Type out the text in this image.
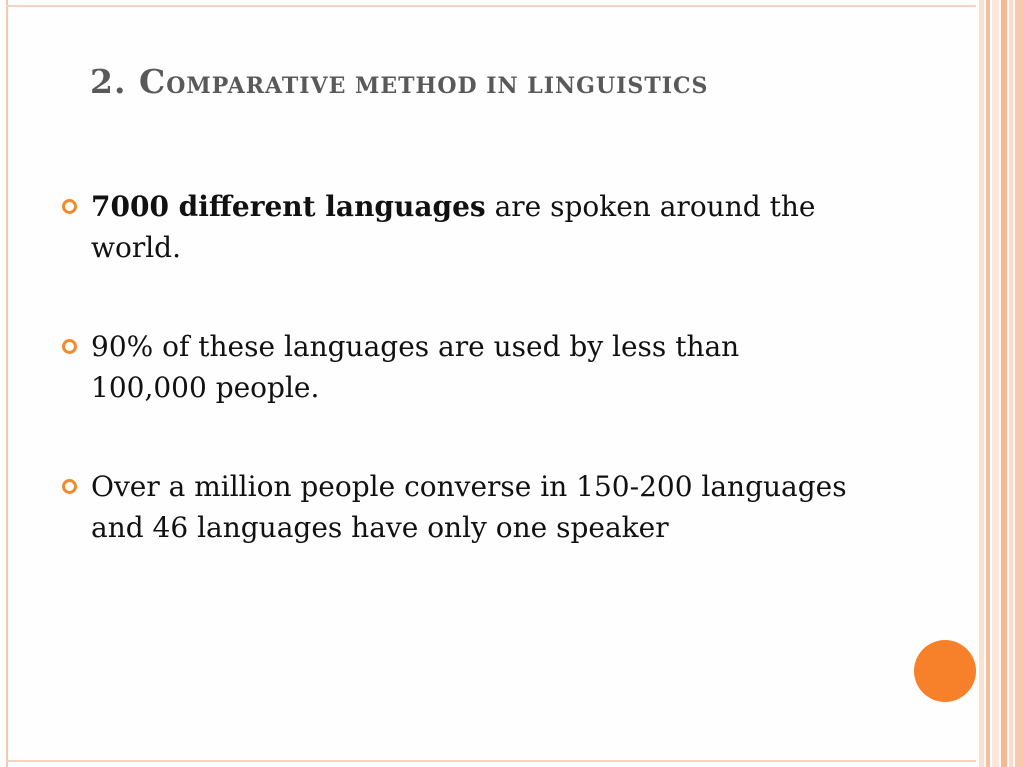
2. COMPARATIVE METHOD IN LINGUISTICS
7000 different languages are spoken around the world.
90% of these languages are used by less than 100,000 people.
Over a million people converse in 150-200 languages and 46 languages have only one speaker
